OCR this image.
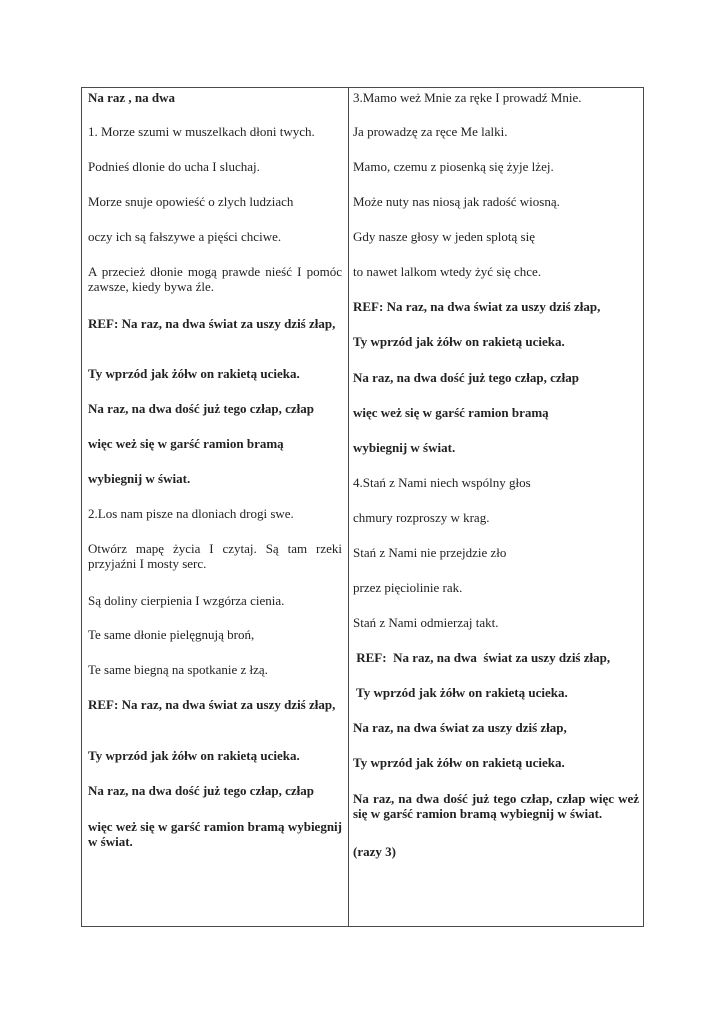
Na raz , na dwa

1. Morze szumi w muszelkach dłoni twych.

Podnieś dlonie do ucha I sluchaj.

Morze snuje opowieść o zlych ludziach

oczy ich są fałszywe a pięści chciwe.

A przecież dłonie mogą prawde nieść I pomóc zawsze, kiedy bywa źle.

REF: Na raz, na dwa świat za uszy dziś złap,

Ty wprzód jak żółw on rakietą ucieka.

Na raz, na dwa dość już tego człap, człap

więc weż się w garść ramion bramą

wybiegnij w świat.

2.Los nam pisze na dloniach drogi swe.

Otwórz mapę życia I czytaj. Są tam rzeki przyjaźni I mosty serc.

Są doliny cierpienia I wzgórza cienia.

Te same dłonie pielęgnują broń,

Te same biegną na spotkanie z łzą.

REF: Na raz, na dwa świat za uszy dziś złap,

Ty wprzód jak żółw on rakietą ucieka.

Na raz, na dwa dość już tego człap, człap

więc weż się w garść ramion bramą wybiegnij w świat.

3.Mamo weż Mnie za ręke I prowadź Mnie.

Ja prowadzę za ręce Me lalki.

Mamo, czemu z piosenką się żyje lżej.

Może nuty nas niosą jak radość wiosną.

Gdy nasze głosy w jeden splotą się

to nawet lalkom wtedy żyć się chce.

REF: Na raz, na dwa świat za uszy dziś złap,

Ty wprzód jak żółw on rakietą ucieka.

Na raz, na dwa dość już tego człap, człap

więc weż się w garść ramion bramą

wybiegnij w świat.

4.Stań z Nami niech wspólny głos

chmury rozproszy w krag.

Stań z Nami nie przejdzie zło

przez pięciolinie rak.

Stań z Nami odmierzaj takt.

REF:  Na raz, na dwa  świat za uszy dziś złap,

Ty wprzód jak żółw on rakietą ucieka.

Na raz, na dwa świat za uszy dziś złap,

Ty wprzód jak żółw on rakietą ucieka.

Na raz, na dwa dość już tego człap, człap więc weż się w garść ramion bramą wybiegnij w świat.

(razy 3)
